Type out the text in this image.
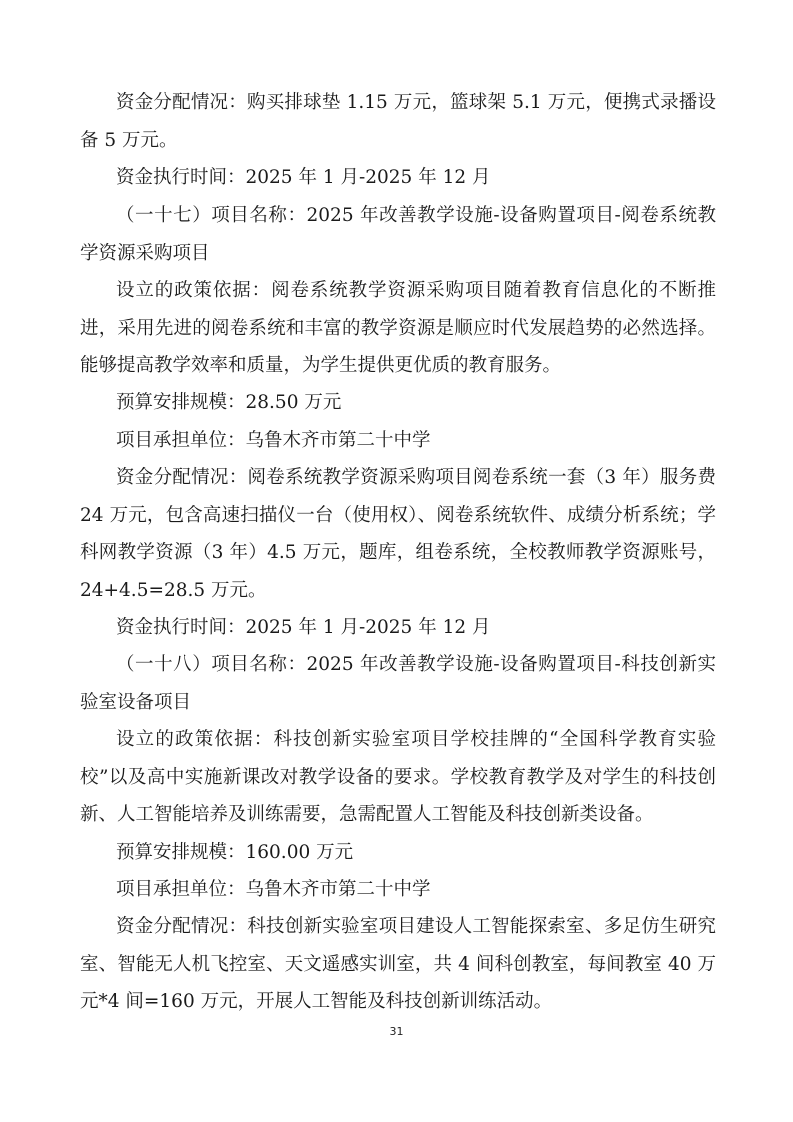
资金分配情况：购买排球垫 1.15 万元，篮球架 5.1 万元，便携式录播设备 5 万元。

资金执行时间：2025 年 1 月-2025 年 12 月

（一十七）项目名称：2025 年改善教学设施-设备购置项目-阅卷系统教学资源采购项目

设立的政策依据：阅卷系统教学资源采购项目随着教育信息化的不断推进，采用先进的阅卷系统和丰富的教学资源是顺应时代发展趋势的必然选择。能够提高教学效率和质量，为学生提供更优质的教育服务。

预算安排规模：28.50 万元

项目承担单位：乌鲁木齐市第二十中学

资金分配情况：阅卷系统教学资源采购项目阅卷系统一套（3 年）服务费 24 万元，包含高速扫描仪一台（使用权）、阅卷系统软件、成绩分析系统；学科网教学资源（3 年）4.5 万元，题库，组卷系统，全校教师教学资源账号，24+4.5=28.5 万元。

资金执行时间：2025 年 1 月-2025 年 12 月

（一十八）项目名称：2025 年改善教学设施-设备购置项目-科技创新实验室设备项目

设立的政策依据：科技创新实验室项目学校挂牌的“全国科学教育实验校”以及高中实施新课改对教学设备的要求。学校教育教学及对学生的科技创新、人工智能培养及训练需要，急需配置人工智能及科技创新类设备。

预算安排规模：160.00 万元

项目承担单位：乌鲁木齐市第二十中学

资金分配情况：科技创新实验室项目建设人工智能探索室、多足仿生研究室、智能无人机飞控室、天文遥感实训室，共 4 间科创教室，每间教室 40 万元*4 间=160 万元，开展人工智能及科技创新训练活动。

31
